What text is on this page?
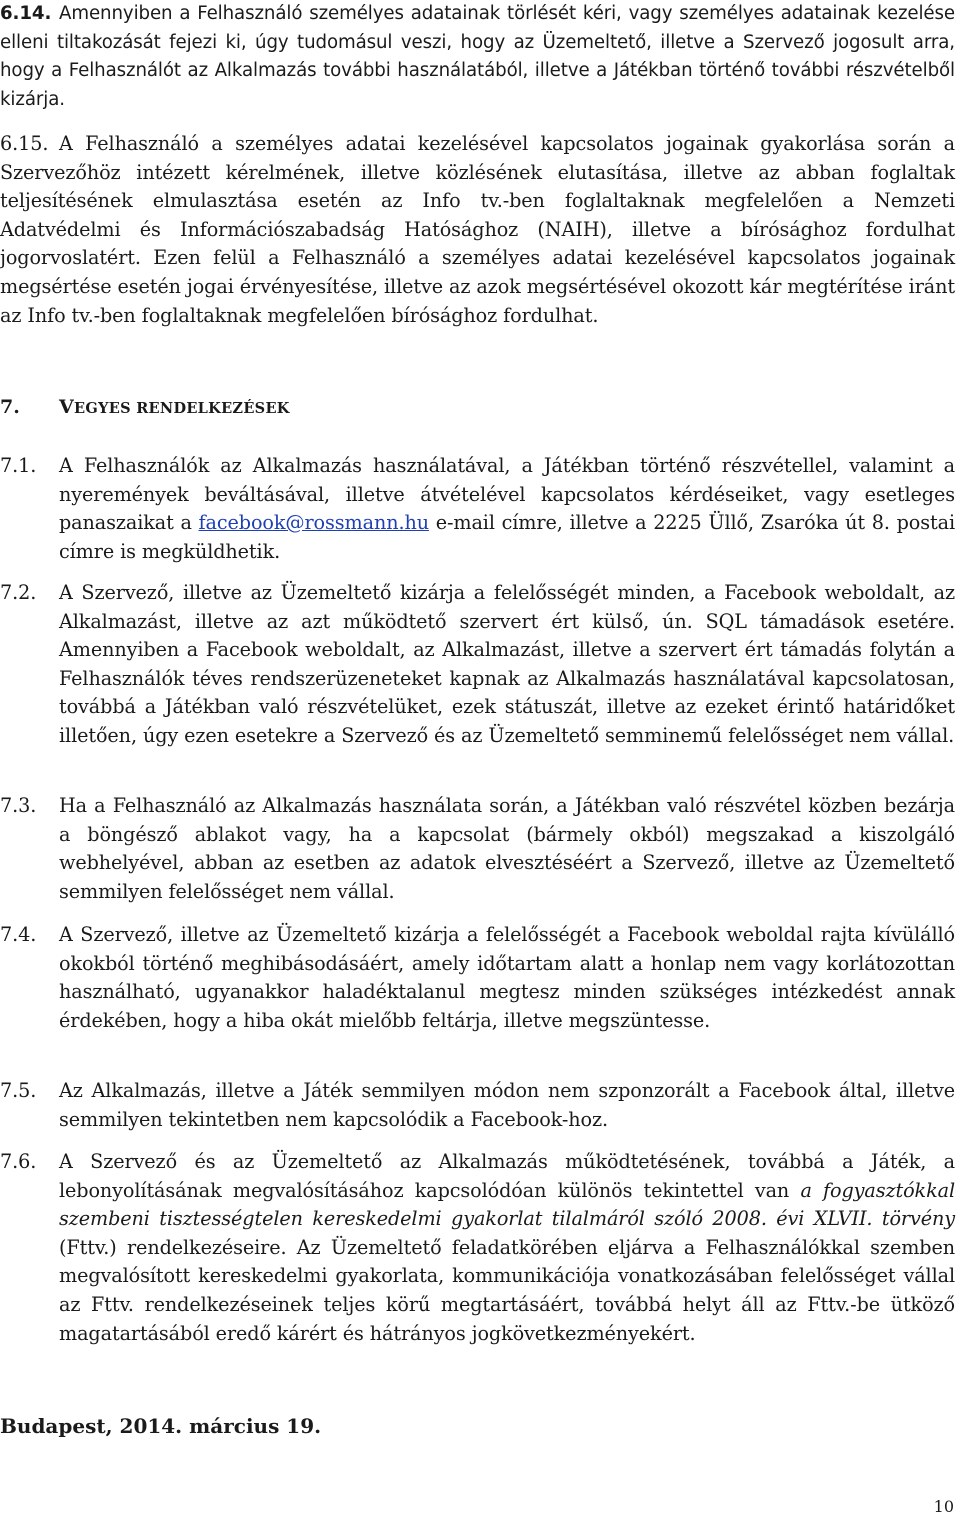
6.14. Amennyiben a Felhasználó személyes adatainak törlését kéri, vagy személyes adatainak kezelése elleni tiltakozását fejezi ki, úgy tudomásul veszi, hogy az Üzemeltető, illetve a Szervező jogosult arra, hogy a Felhasználót az Alkalmazás további használatából, illetve a Játékban történő további részvételből kizárja.
6.15. A Felhasználó a személyes adatai kezelésével kapcsolatos jogainak gyakorlása során a Szervezőhöz intézett kérelmének, illetve közlésének elutasítása, illetve az abban foglaltak teljesítésének elmulasztása esetén az Info tv.-ben foglaltaknak megfelelően a Nemzeti Adatvédelmi és Információszabadság Hatósághoz (NAIH), illetve a bírósághoz fordulhat jogorvoslatért. Ezen felül a Felhasználó a személyes adatai kezelésével kapcsolatos jogainak megsértése esetén jogai érvényesítése, illetve az azok megsértésével okozott kár megtérítése iránt az Info tv.-ben foglaltaknak megfelelően bírósághoz fordulhat.
7. VEGYES RENDELKEZÉSEK
7.1. A Felhasználók az Alkalmazás használatával, a Játékban történő részvétellel, valamint a nyeremények beváltásával, illetve átvételével kapcsolatos kérdéseiket, vagy esetleges panaszaikat a facebook@rossmann.hu e-mail címre, illetve a 2225 Üllő, Zsaróka út 8. postai címre is megküldhetik.
7.2. A Szervező, illetve az Üzemeltető kizárja a felelősségét minden, a Facebook weboldalt, az Alkalmazást, illetve az azt működtető szervert ért külső, ún. SQL támadások esetére. Amennyiben a Facebook weboldalt, az Alkalmazást, illetve a szervert ért támadás folytán a Felhasználók téves rendszerüzeneteket kapnak az Alkalmazás használatával kapcsolatosan, továbbá a Játékban való részvételüket, ezek státuszát, illetve az ezeket érintő határidőket illetően, úgy ezen esetekre a Szervező és az Üzemeltető semminemű felelősséget nem vállal.
7.3. Ha a Felhasználó az Alkalmazás használata során, a Játékban való részvétel közben bezárja a böngésző ablakot vagy, ha a kapcsolat (bármely okból) megszakad a kiszolgáló webhelyével, abban az esetben az adatok elvesztéséért a Szervező, illetve az Üzemeltető semmilyen felelősséget nem vállal.
7.4. A Szervező, illetve az Üzemeltető kizárja a felelősségét a Facebook weboldal rajta kívülálló okokból történő meghibásodásáért, amely időtartam alatt a honlap nem vagy korlátozottan használható, ugyanakkor haladéktalanul megtesz minden szükséges intézkedést annak érdekében, hogy a hiba okát mielőbb feltárja, illetve megszüntesse.
7.5. Az Alkalmazás, illetve a Játék semmilyen módon nem szponzorált a Facebook által, illetve semmilyen tekintetben nem kapcsolódik a Facebook-hoz.
7.6. A Szervező és az Üzemeltető az Alkalmazás működtetésének, továbbá a Játék, a lebonyolításának megvalósításához kapcsolódóan különös tekintettel van a fogyasztókkal szembeni tisztességtelen kereskedelmi gyakorlat tilalmáról szóló 2008. évi XLVII. törvény (Fttv.) rendelkezéseire. Az Üzemeltető feladatkörében eljárva a Felhasználókkal szemben megvalósított kereskedelmi gyakorlata, kommunikációja vonatkozásában felelősséget vállal az Fttv. rendelkezéseinek teljes körű megtartásáért, továbbá helyt áll az Fttv.-be ütköző magatartásából eredő kárért és hátrányos jogkövetkezményekért.
Budapest, 2014. március 19.
10
